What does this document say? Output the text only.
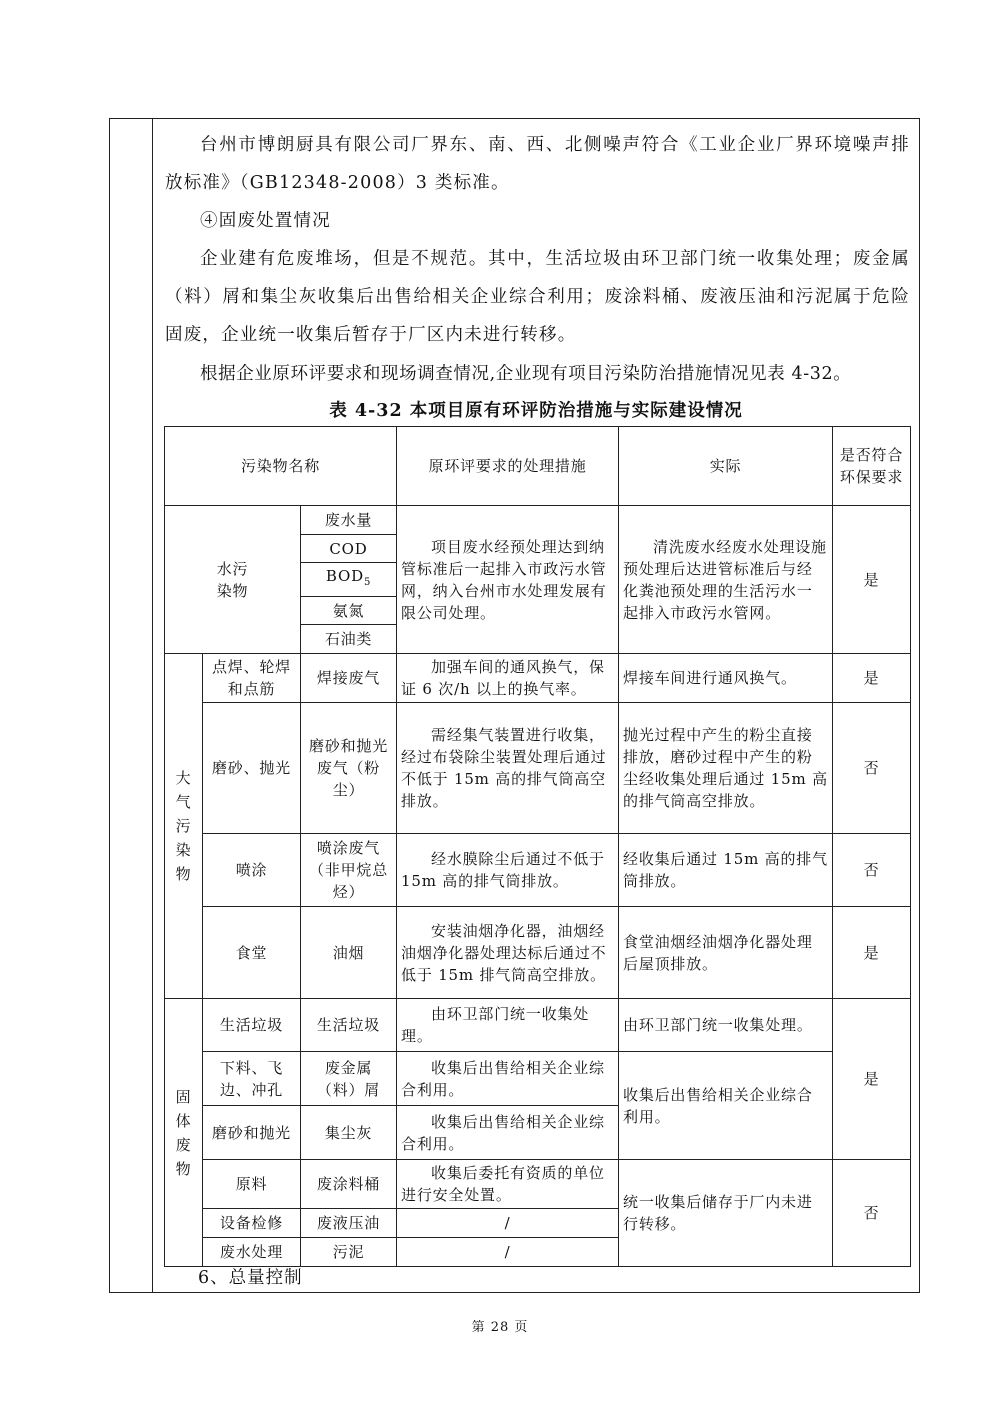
台州市博朗厨具有限公司厂界东、南、西、北侧噪声符合《工业企业厂界环境噪声排放标准》（GB12348-2008）3 类标准。
④固废处置情况
企业建有危废堆场，但是不规范。其中，生活垃圾由环卫部门统一收集处理；废金属（料）屑和集尘灰收集后出售给相关企业综合利用；废涂料桶、废液压油和污泥属于危险固废，企业统一收集后暂存于厂区内未进行转移。
根据企业原环评要求和现场调查情况,企业现有项目污染防治措施情况见表 4-32。
表 4-32 本项目原有环评防治措施与实际建设情况
污染物名称			原环评要求的处理措施	实际	是否符合环保要求

水污染物		废水量	项目废水经预处理达到纳管标准后一起排入市政污水管网，纳入台州市水处理发展有限公司处理。	清洗废水经废水处理设施预处理后达进管标准后与经化粪池预处理的生活污水一起排入市政污水管网。	是
		COD			
		$BOD_5$
		氨氮			
		石油类			

大气污染物	点焊、轮焊和点筋	焊接废气	加强车间的通风换气，保证 6 次/h 以上的换气率。	焊接车间进行通风换气。	是
	磨砂、抛光	磨砂和抛光废气（粉尘）	需经集气装置进行收集，经过布袋除尘装置处理后通过不低于 15m 高的排气筒高空排放。	抛光过程中产生的粉尘直接排放，磨砂过程中产生的粉尘经收集处理后通过 15m 高的排气筒高空排放。	否
	喷涂	喷涂废气（非甲烷总烃）	经水膜除尘后通过不低于 15m 高的排气筒排放。	经收集后通过 15m 高的排气筒排放。	否
	食堂	油烟	安装油烟净化器，油烟经油烟净化器处理达标后通过不低于 15m 排气筒高空排放。	食堂油烟经油烟净化器处理后屋顶排放。	是

固体废物	生活垃圾	生活垃圾	由环卫部门统一收集处理。	由环卫部门统一收集处理。	是
	下料、飞边、冲孔	废金属（料）屑	收集后出售给相关企业综合利用。	收集后出售给相关企业综合利用。	
	磨砂和抛光	集尘灰	收集后出售给相关企业综合利用。		
	原料	废涂料桶	收集后委托有资质的单位进行安全处置。	统一收集后储存于厂内未进行转移。	否
	设备检修	废液压油	/		
	废水处理	污泥	/		
6、总量控制
第 28 页
